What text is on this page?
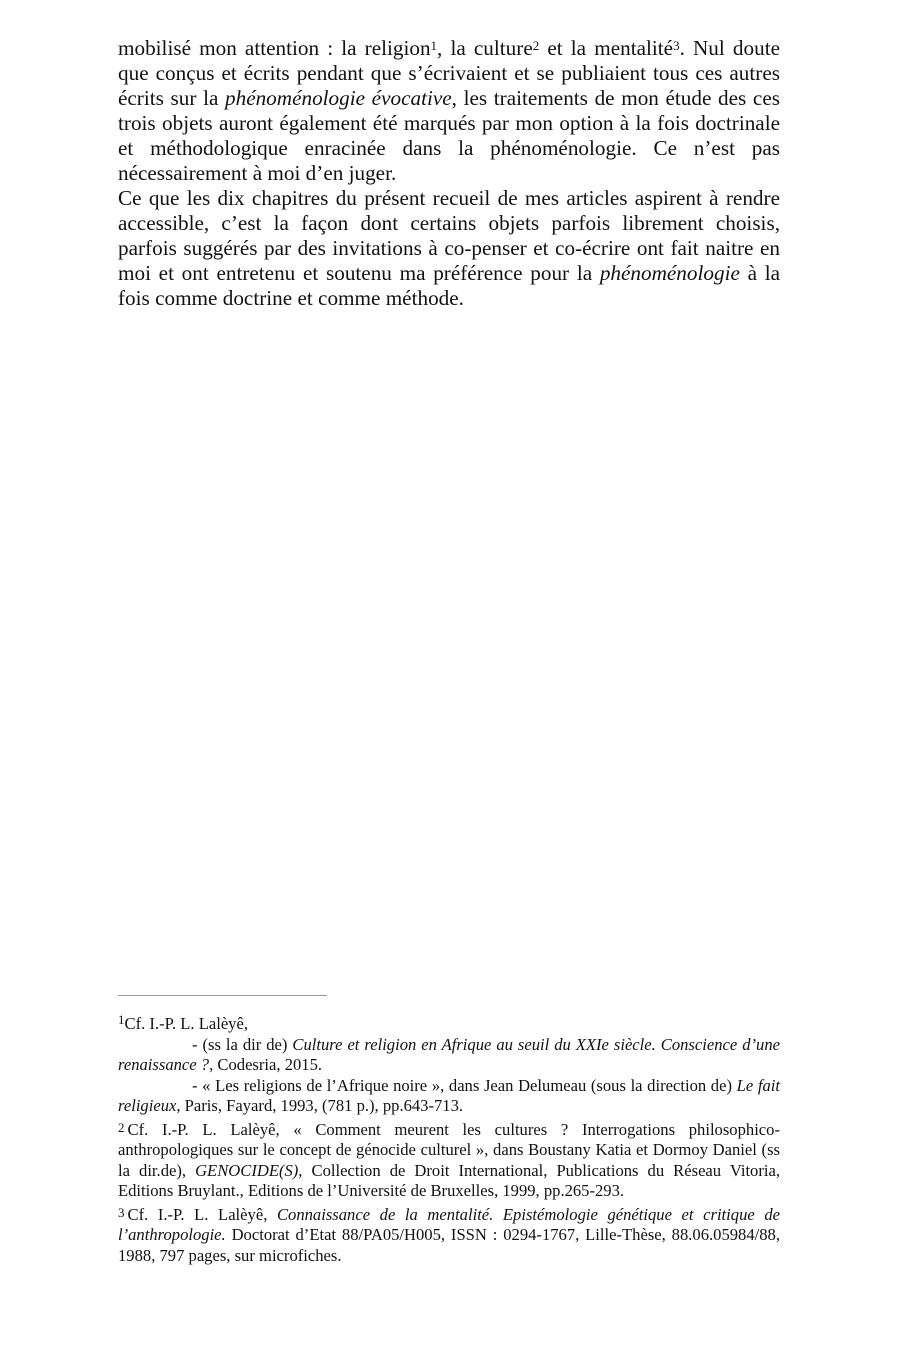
mobilisé mon attention : la religion$^1$, la culture$^2$ et la mentalité$^3$. Nul doute que conçus et écrits pendant que s’écrivaient et se publiaient tous ces autres écrits sur la phénoménologie évocative, les traitements de mon étude des ces trois objets auront également été marqués par mon option à la fois doctrinale et méthodologique enracinée dans la phénoménologie. Ce n’est pas nécessairement à moi d’en juger.

Ce que les dix chapitres du présent recueil de mes articles aspirent à rendre accessible, c’est la façon dont certains objets parfois librement choisis, parfois suggérés par des invitations à co-penser et co-écrire ont fait naitre en moi et ont entretenu et soutenu ma préférence pour la phénoménologie à la fois comme doctrine et comme méthode.

$^1$Cf. I.-P. L. Lalèyê,

- (ss la dir de) Culture et religion en Afrique au seuil du XXIe siècle. Conscience d’une renaissance ?, Codesria, 2015.

- « Les religions de l’Afrique noire », dans Jean Delumeau (sous la direction de) Le fait religieux, Paris, Fayard, 1993, (781 p.), pp.643-713.

2 Cf. I.-P. L. Lalèyê, « Comment meurent les cultures ? Interrogations philosophico-anthropologiques sur le concept de génocide culturel », dans Boustany Katia et Dormoy Daniel (ss la dir.de), GENOCIDE(S), Collection de Droit International, Publications du Réseau Vitoria, Editions Bruylant., Editions de l’Université de Bruxelles, 1999, pp.265-293.

3 Cf. I.-P. L. Lalèyê, Connaissance de la mentalité. Epistémologie génétique et critique de l’anthropologie. Doctorat d’Etat 88/PA05/H005, ISSN : 0294-1767, Lille-Thèse, 88.06.05984/88, 1988, 797 pages, sur microfiches.
